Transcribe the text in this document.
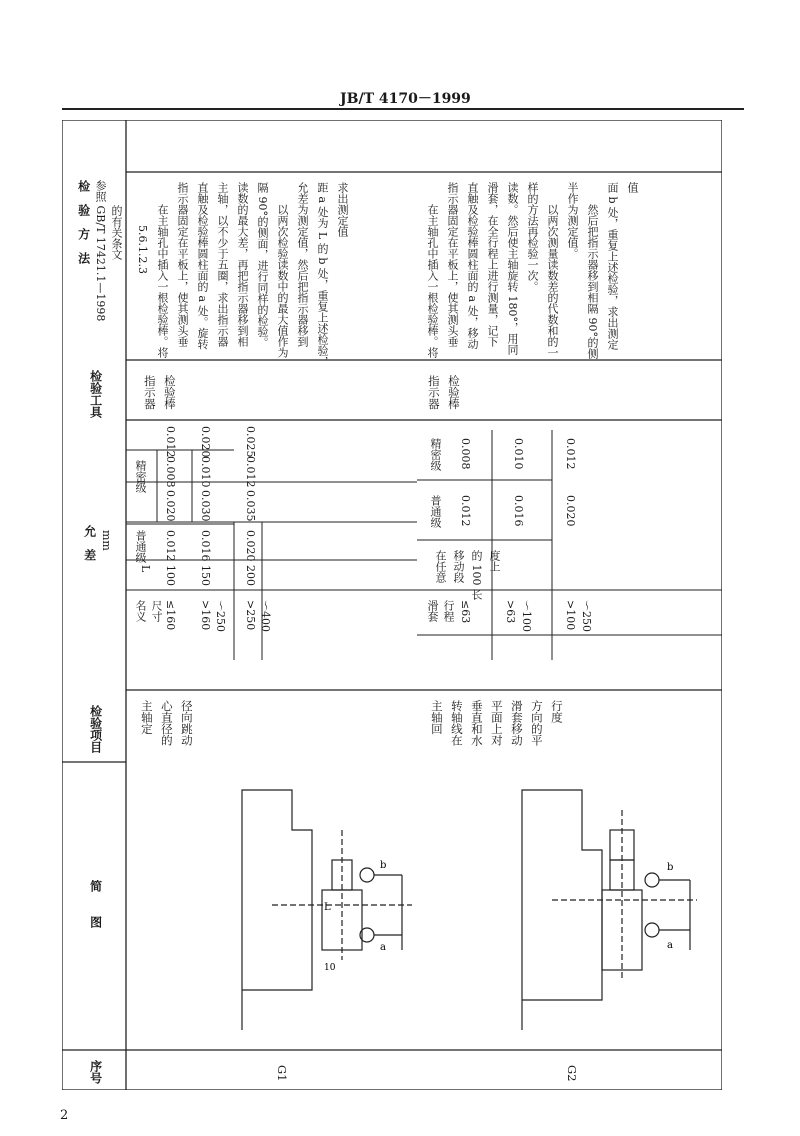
JB/T 4170－1999
序号
简　　图
检验项目
允　差 mm
检验工具
检　验　方　法 参照 GB/T 17421.1—1998 的有关条文
G1
主轴定 心直径的 径向跳动
名义 尺寸
L
普通级
精密级
≤160
100
0.012
0.020
0.008
0.012
>160 ～250
150
0.016
0.030
0.010
0.020
>250 ～400
200
0.020
0.035
0.012
0.025
指示器 检验棒
5.6.1.2.3 　　在主轴孔中插入一根检验棒。将 指示器固定在平板上，使其测头垂 直触及检验棒圆柱面的 a 处。旋转 主轴，以不少于五圈，求出指示器 读数的最大差，再把指示器移到相 隔 90°的侧面，进行同样的检验。 　　以两次检验读数中的最大值作为 允差为测定值，然后把指示器移到 距 a 处为 L 的 b 处，重复上述检验， 求出测定值
b
a
L
10
G2
主轴回 转轴线在 垂直和水 平面上对 滑套移动 方向的平 行度
滑套 行程
普通级
精密级
在任意 移动段 的 100 长 度上
≤63
0.012
0.008
>63 ～100
0.016
0.010
>100 ～250
0.020
0.012
指示器 检验棒
　　在主轴孔中插入一根检验棒。将 指示器固定在平板上，使其测头垂 直触及检验棒圆柱面的 a 处，移动 滑套，在全行程上进行测量，记下 读数。然后使主轴旋转 180°，用同 样的方法再检验一次。 　　以两次测量读数差的代数和的一 半作为测定值。 　　然后把指示器移到相隔 90°的侧 面 b 处，重复上述检验，求出测定 值
b
a
2
